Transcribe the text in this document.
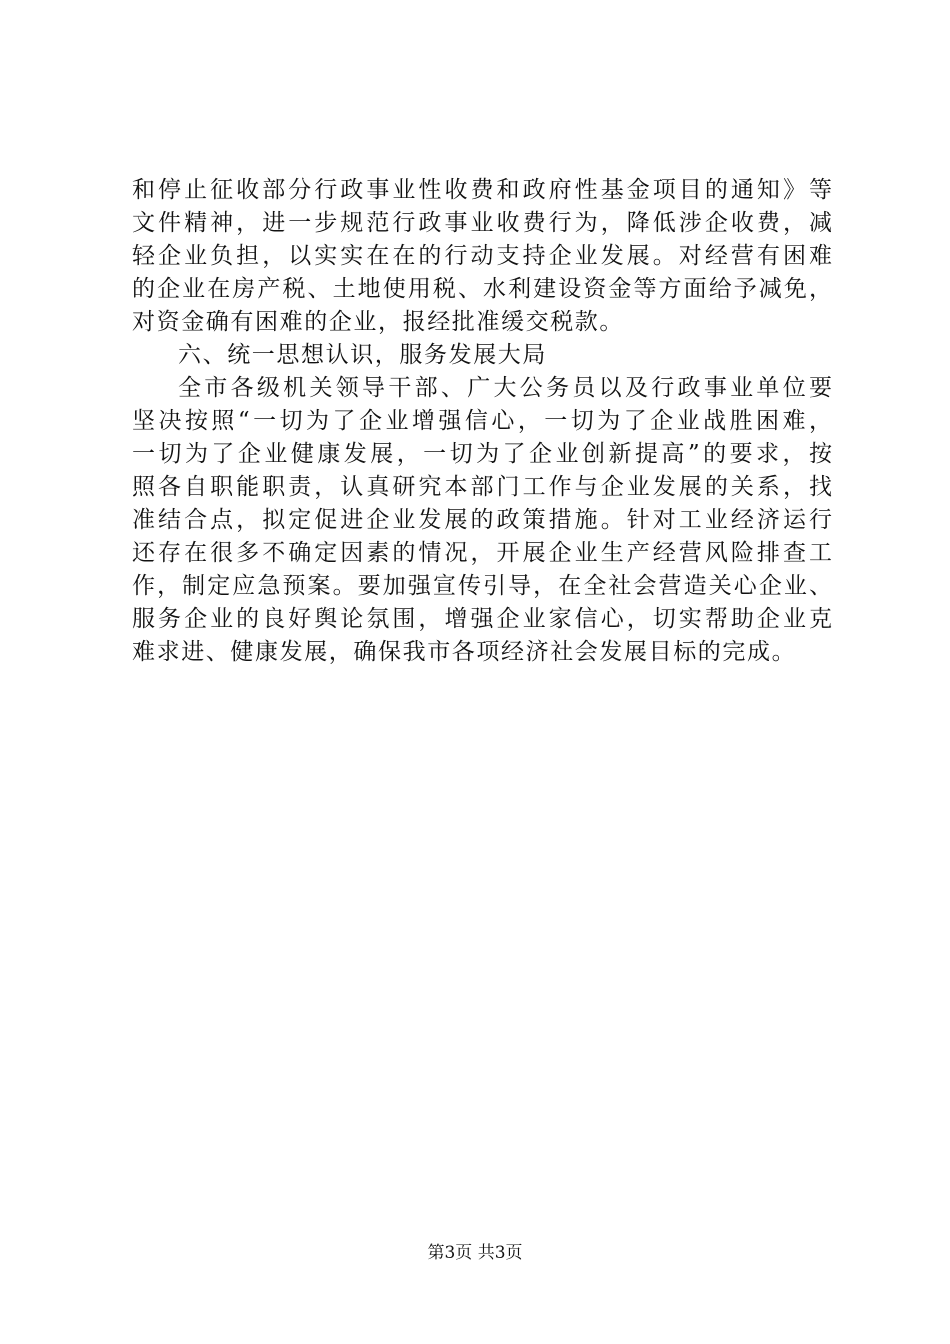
和停止征收部分行政事业性收费和政府性基金项目的通知》等
文件精神，进一步规范行政事业收费行为，降低涉企收费，减
轻企业负担，以实实在在的行动支持企业发展。对经营有困难
的企业在房产税、土地使用税、水利建设资金等方面给予减免，
对资金确有困难的企业，报经批准缓交税款。
六、统一思想认识，服务发展大局
全市各级机关领导干部、广大公务员以及行政事业单位要
坚决按照“一切为了企业增强信心，一切为了企业战胜困难，
一切为了企业健康发展，一切为了企业创新提高”的要求，按
照各自职能职责，认真研究本部门工作与企业发展的关系，找
准结合点，拟定促进企业发展的政策措施。针对工业经济运行
还存在很多不确定因素的情况，开展企业生产经营风险排查工
作，制定应急预案。要加强宣传引导，在全社会营造关心企业、
服务企业的良好舆论氛围，增强企业家信心，切实帮助企业克
难求进、健康发展，确保我市各项经济社会发展目标的完成。
第3页 共3页
